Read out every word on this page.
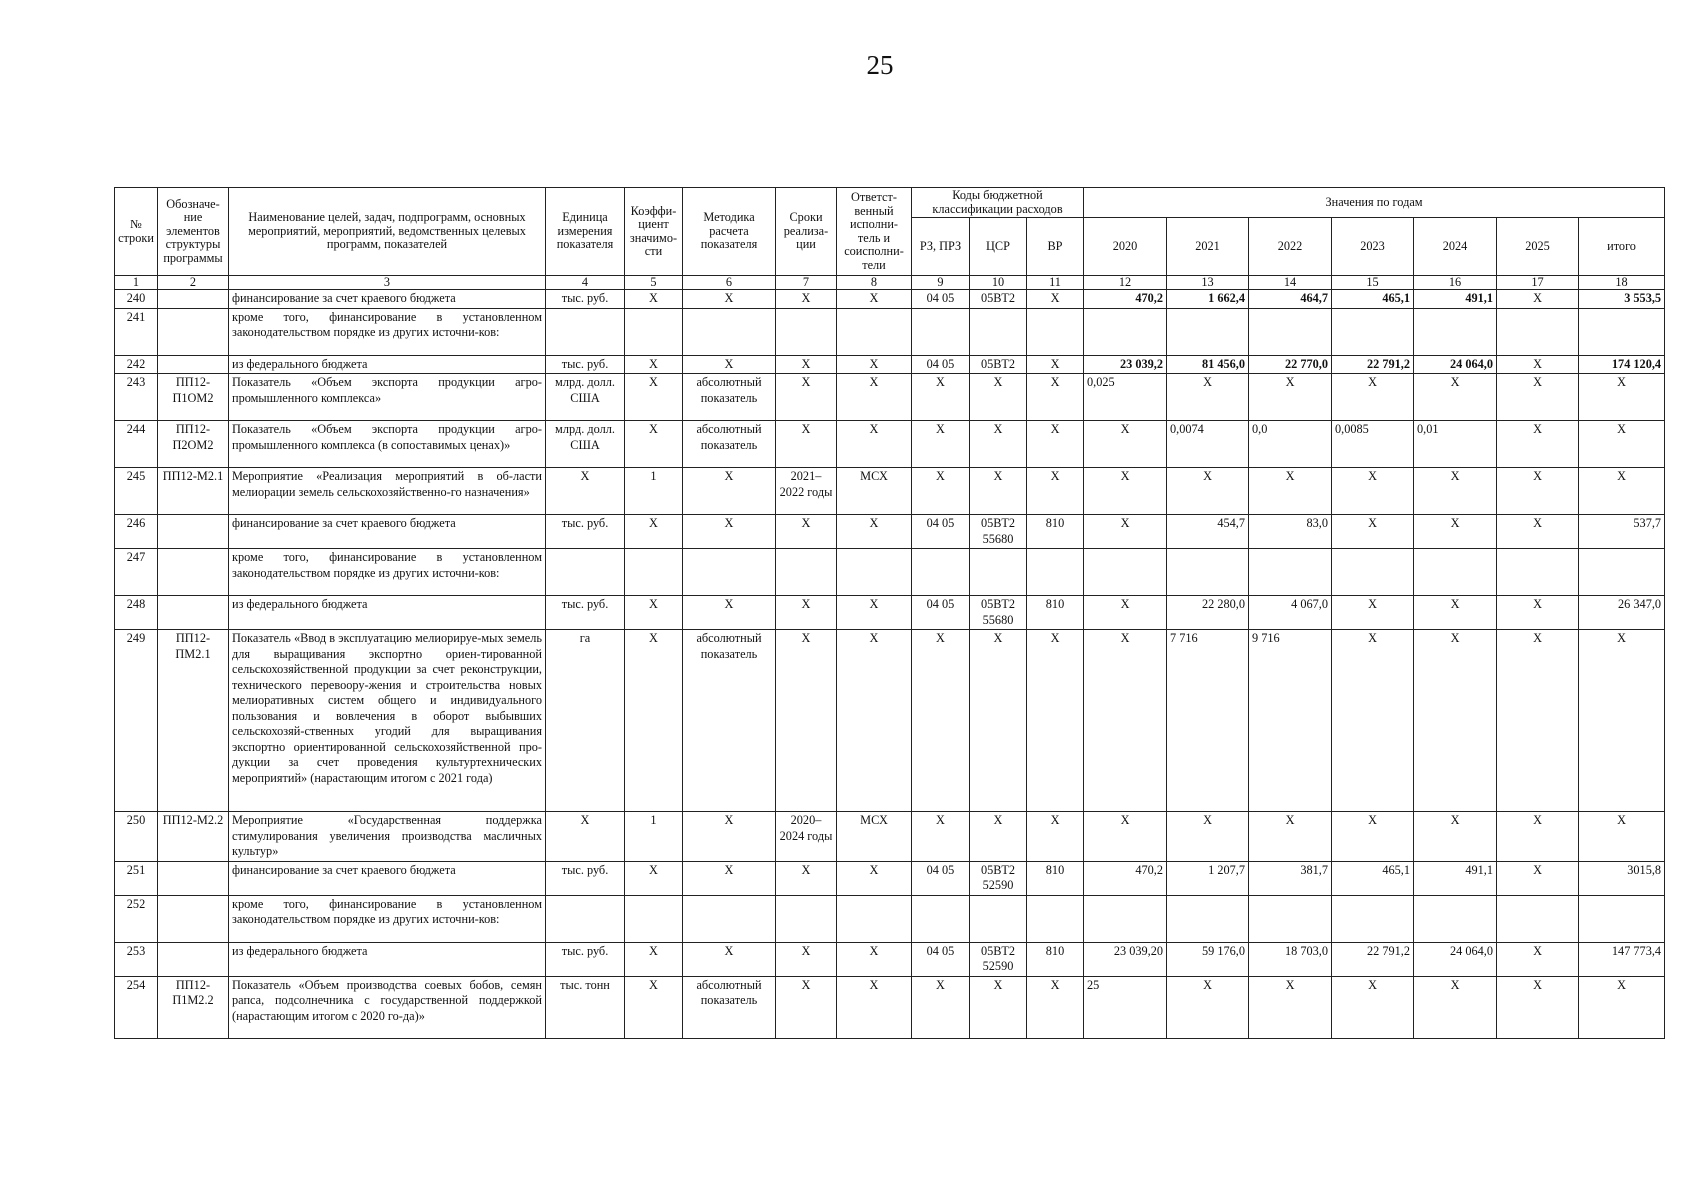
25
№ строки	Обозначе-ние элементов структуры программы	Наименование целей, задач, подпрограмм, основных мероприятий, мероприятий, ведомственных целевых программ, показателей	Единица измерения показателя	Коэффи-циент значимо-сти	Методика расчета показателя	Сроки реализа-ции	Ответст-венный исполни-тель и соисполни-тели	Коды бюджетной классификации расходов			Значения по годам						
								РЗ, ПРЗ	ЦСР	ВР	2020	2021	2022	2023	2024	2025	итого
1	2	3	4	5	6	7	8	9	10	11	12	13	14	15	16	17	18
240		финансирование за счет краевого бюджета	тыс. руб.	X	X	X	X	04 05	05ВТ2	X	470,2	1 662,4	464,7	465,1	491,1	X	3 553,5
241		кроме того, финансирование в установленном законодательством порядке из других источни-ков:															
242		из федерального бюджета	тыс. руб.	X	X	X	X	04 05	05ВТ2	X	23 039,2	81 456,0	22 770,0	22 791,2	24 064,0	X	174 120,4
243	ПП12-П1ОМ2	Показатель «Объем экспорта продукции агро-промышленного комплекса»	млрд. долл. США	X	абсолютный показатель	X	X	X	X	X	0,025	X	X	X	X	X	X
244	ПП12-П2ОМ2	Показатель «Объем экспорта продукции агро-промышленного комплекса (в сопоставимых ценах)»	млрд. долл. США	X	абсолютный показатель	X	X	X	X	X	X	0,0074	0,0	0,0085	0,01	X	X
245	ПП12-М2.1	Мероприятие «Реализация мероприятий в об-ласти мелиорации земель сельскохозяйственно-го назначения»	X	1	X	2021–2022 годы	МСХ	X	X	X	X	X	X	X	X	X	X
246		финансирование за счет краевого бюджета	тыс. руб.	X	X	X	X	04 05	05ВТ2 55680	810	X	454,7	83,0	X	X	X	537,7
247		кроме того, финансирование в установленном законодательством порядке из других источни-ков:															
248		из федерального бюджета	тыс. руб.	X	X	X	X	04 05	05ВТ2 55680	810	X	22 280,0	4 067,0	X	X	X	26 347,0
249	ПП12-ПМ2.1	Показатель «Ввод в эксплуатацию мелиорируе-мых земель для выращивания экспортно ориен-тированной сельскохозяйственной продукции за счет реконструкции, технического перевоору-жения и строительства новых мелиоративных систем общего и индивидуального пользования и вовлечения в оборот выбывших сельскохозяй-ственных угодий для выращивания экспортно ориентированной сельскохозяйственной про-дукции за счет проведения культуртехнических мероприятий» (нарастающим итогом с 2021 года)	га	X	абсолютный показатель	X	X	X	X	X	X	7 716	9 716	X	X	X	X
250	ПП12-М2.2	Мероприятие «Государственная поддержка стимулирования увеличения производства масличных культур»	X	1	X	2020–2024 годы	МСХ	X	X	X	X	X	X	X	X	X	X
251		финансирование за счет краевого бюджета	тыс. руб.	X	X	X	X	04 05	05ВТ2 52590	810	470,2	1 207,7	381,7	465,1	491,1	X	3015,8
252		кроме того, финансирование в установленном законодательством порядке из других источни-ков:															
253		из федерального бюджета	тыс. руб.	X	X	X	X	04 05	05ВТ2 52590	810	23 039,20	59 176,0	18 703,0	22 791,2	24 064,0	X	147 773,4
254	ПП12-П1М2.2	Показатель «Объем производства соевых бобов, семян рапса, подсолнечника с государственной поддержкой (нарастающим итогом с 2020 го-да)»	тыс. тонн	X	абсолютный показатель	X	X	X	X	X	25	X	X	X	X	X	X
